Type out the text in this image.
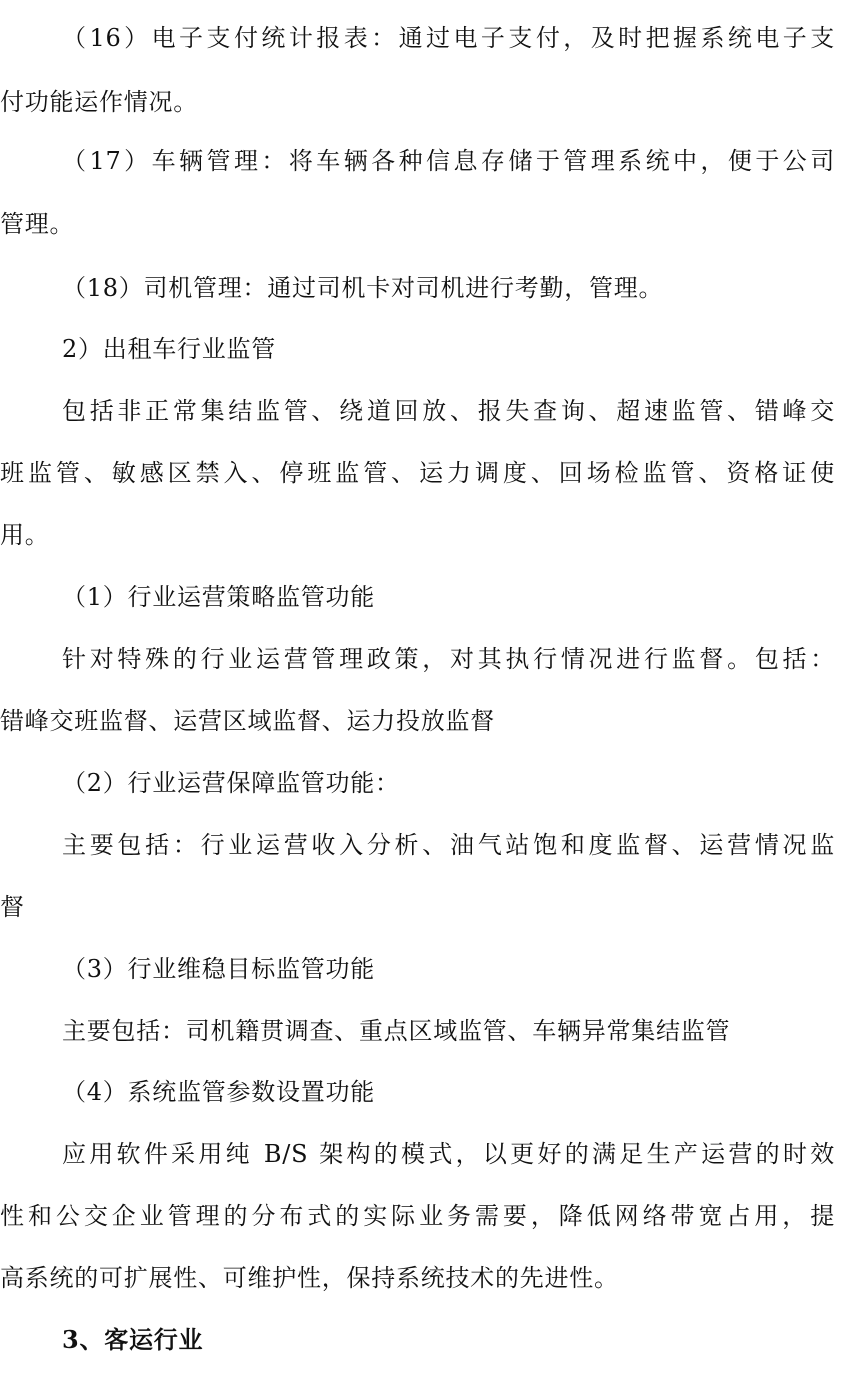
（16）电子支付统计报表：通过电子支付，及时把握系统电子支
付功能运作情况。
（17）车辆管理：将车辆各种信息存储于管理系统中，便于公司
管理。
（18）司机管理：通过司机卡对司机进行考勤，管理。
2）出租车行业监管
包括非正常集结监管、绕道回放、报失查询、超速监管、错峰交
班监管、敏感区禁入、停班监管、运力调度、回场检监管、资格证使
用。
（1）行业运营策略监管功能
针对特殊的行业运营管理政策，对其执行情况进行监督。包括：
错峰交班监督、运营区域监督、运力投放监督
（2）行业运营保障监管功能：
主要包括：行业运营收入分析、油气站饱和度监督、运营情况监
督
（3）行业维稳目标监管功能
主要包括：司机籍贯调查、重点区域监管、车辆异常集结监管
（4）系统监管参数设置功能
应用软件采用纯 B/S 架构的模式，以更好的满足生产运营的时效
性和公交企业管理的分布式的实际业务需要，降低网络带宽占用，提
高系统的可扩展性、可维护性，保持系统技术的先进性。
3、客运行业
